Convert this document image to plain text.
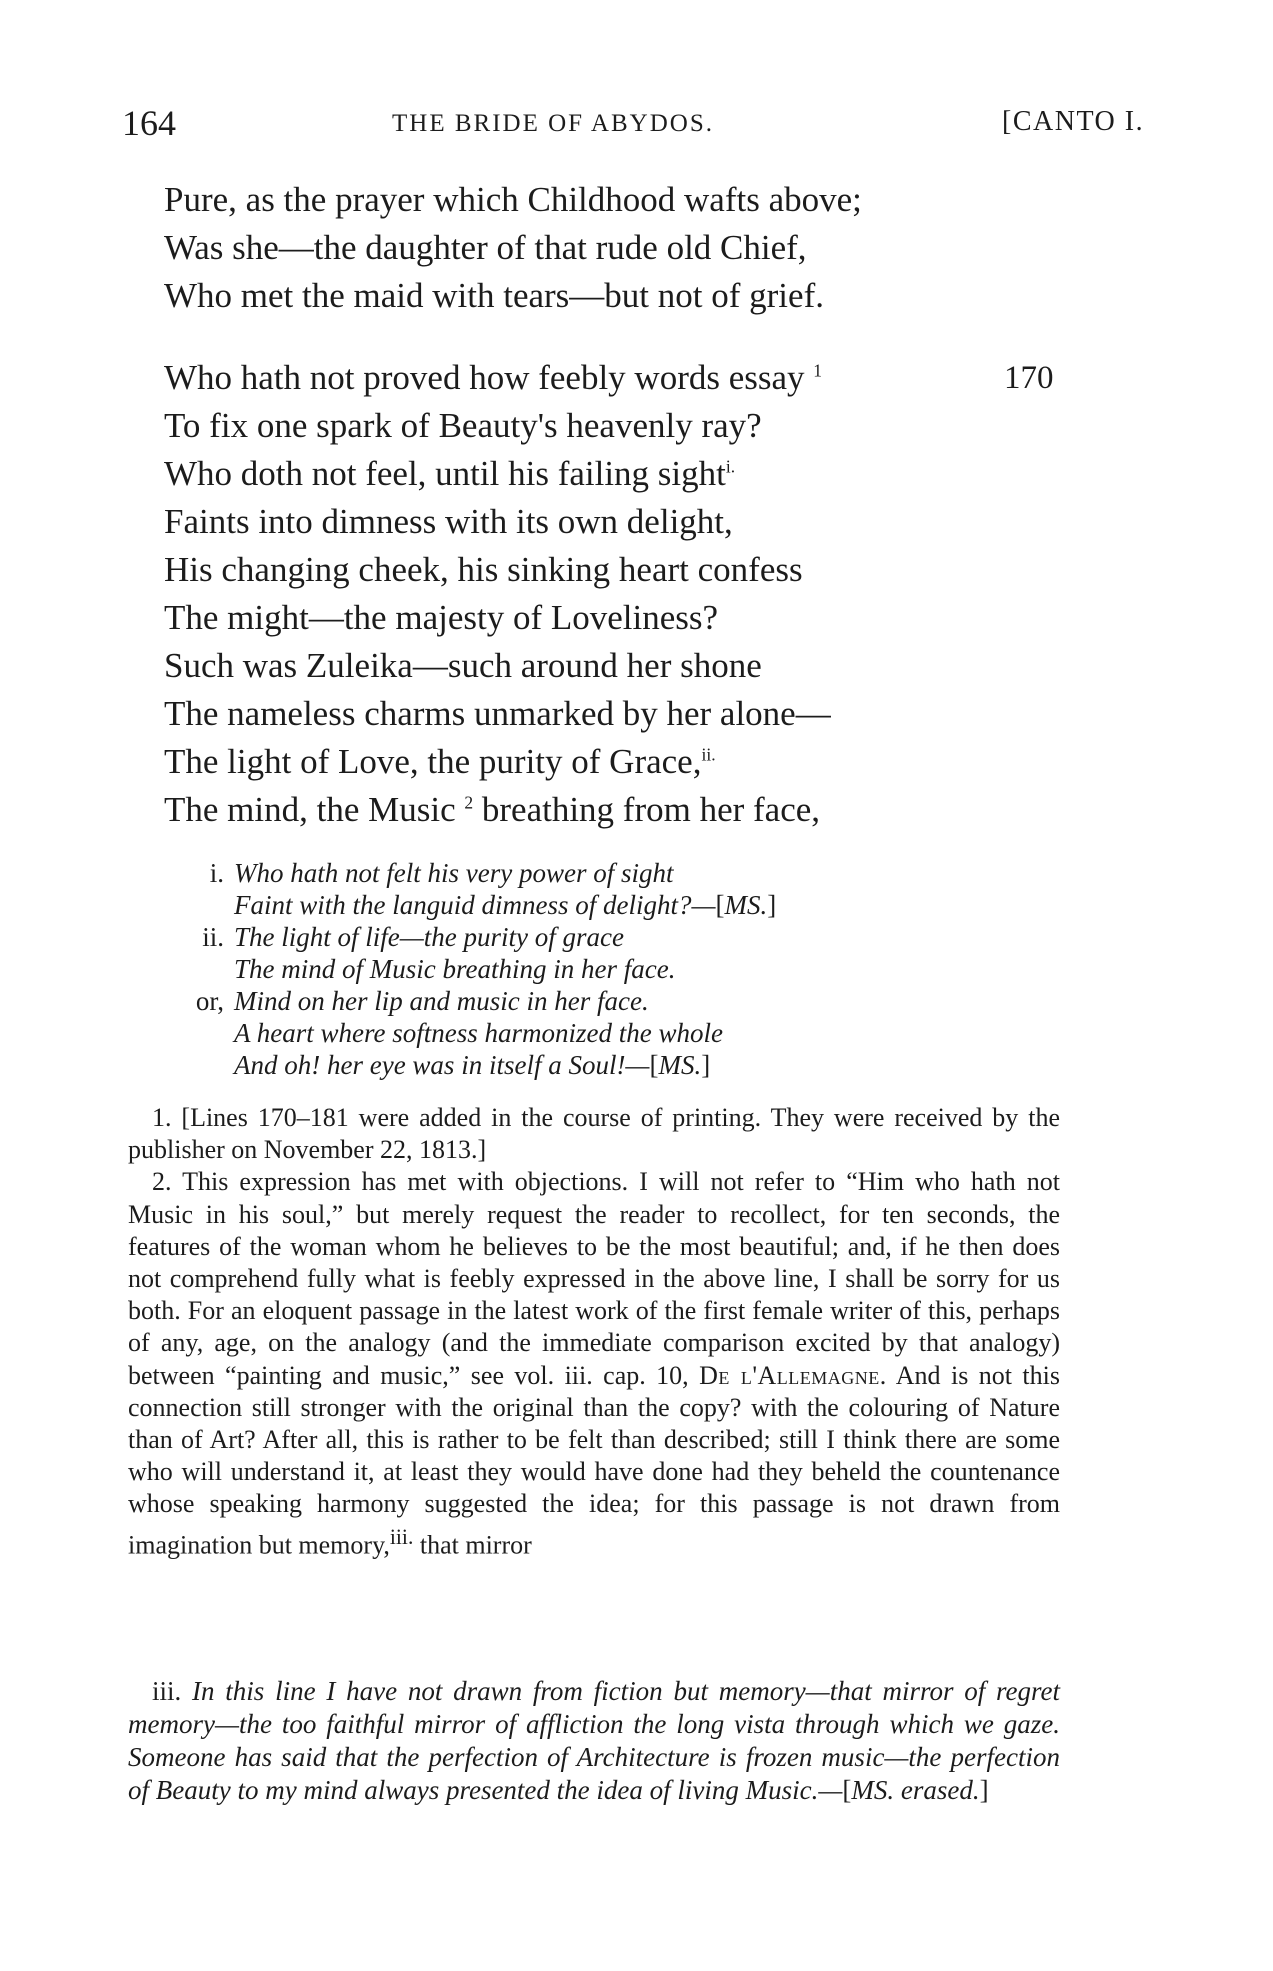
164	THE BRIDE OF ABYDOS.	[CANTO I.
Pure, as the prayer which Childhood wafts above;
Was she—the daughter of that rude old Chief,
Who met the maid with tears—but not of grief.
Who hath not proved how feebly words essay $^1$	170
To fix one spark of Beauty's heavenly ray?
Who doth not feel, until his failing sight$^{i.}$
Faints into dimness with its own delight,
His changing cheek, his sinking heart confess
The might—the majesty of Loveliness?
Such was Zuleika—such around her shone
The nameless charms unmarked by her alone—
The light of Love, the purity of Grace,$^{ii.}$
The mind, the Music $^2$ breathing from her face,
i. Who hath not felt his very power of sight
Faint with the languid dimness of delight?—[MS.]
ii. The light of life—the purity of grace
The mind of Music breathing in her face.
or, Mind on her lip and music in her face.
A heart where softness harmonized the whole
And oh! her eye was in itself a Soul!—[MS.]

1. [Lines 170–181 were added in the course of printing. They were received by the publisher on November 22, 1813.]

2. This expression has met with objections. I will not refer to “Him who hath not Music in his soul,” but merely request the reader to recollect, for ten seconds, the features of the woman whom he believes to be the most beautiful; and, if he then does not comprehend fully what is feebly expressed in the above line, I shall be sorry for us both. For an eloquent passage in the latest work of the first female writer of this, perhaps of any, age, on the analogy (and the immediate comparison excited by that analogy) between “painting and music,” see vol. iii. cap. 10, De l'Allemagne. And is not this connection still stronger with the original than the copy? with the colouring of Nature than of Art? After all, this is rather to be felt than described; still I think there are some who will understand it, at least they would have done had they beheld the countenance whose speaking harmony suggested the idea; for this passage is not drawn from imagination but memory,$^{iii.}$ that mirror

iii. In this line I have not drawn from fiction but memory—that mirror of regret memory—the too faithful mirror of affliction the long vista through which we gaze. Someone has said that the perfection of Architecture is frozen music—the perfection of Beauty to my mind always presented the idea of living Music.—[MS. erased.]
